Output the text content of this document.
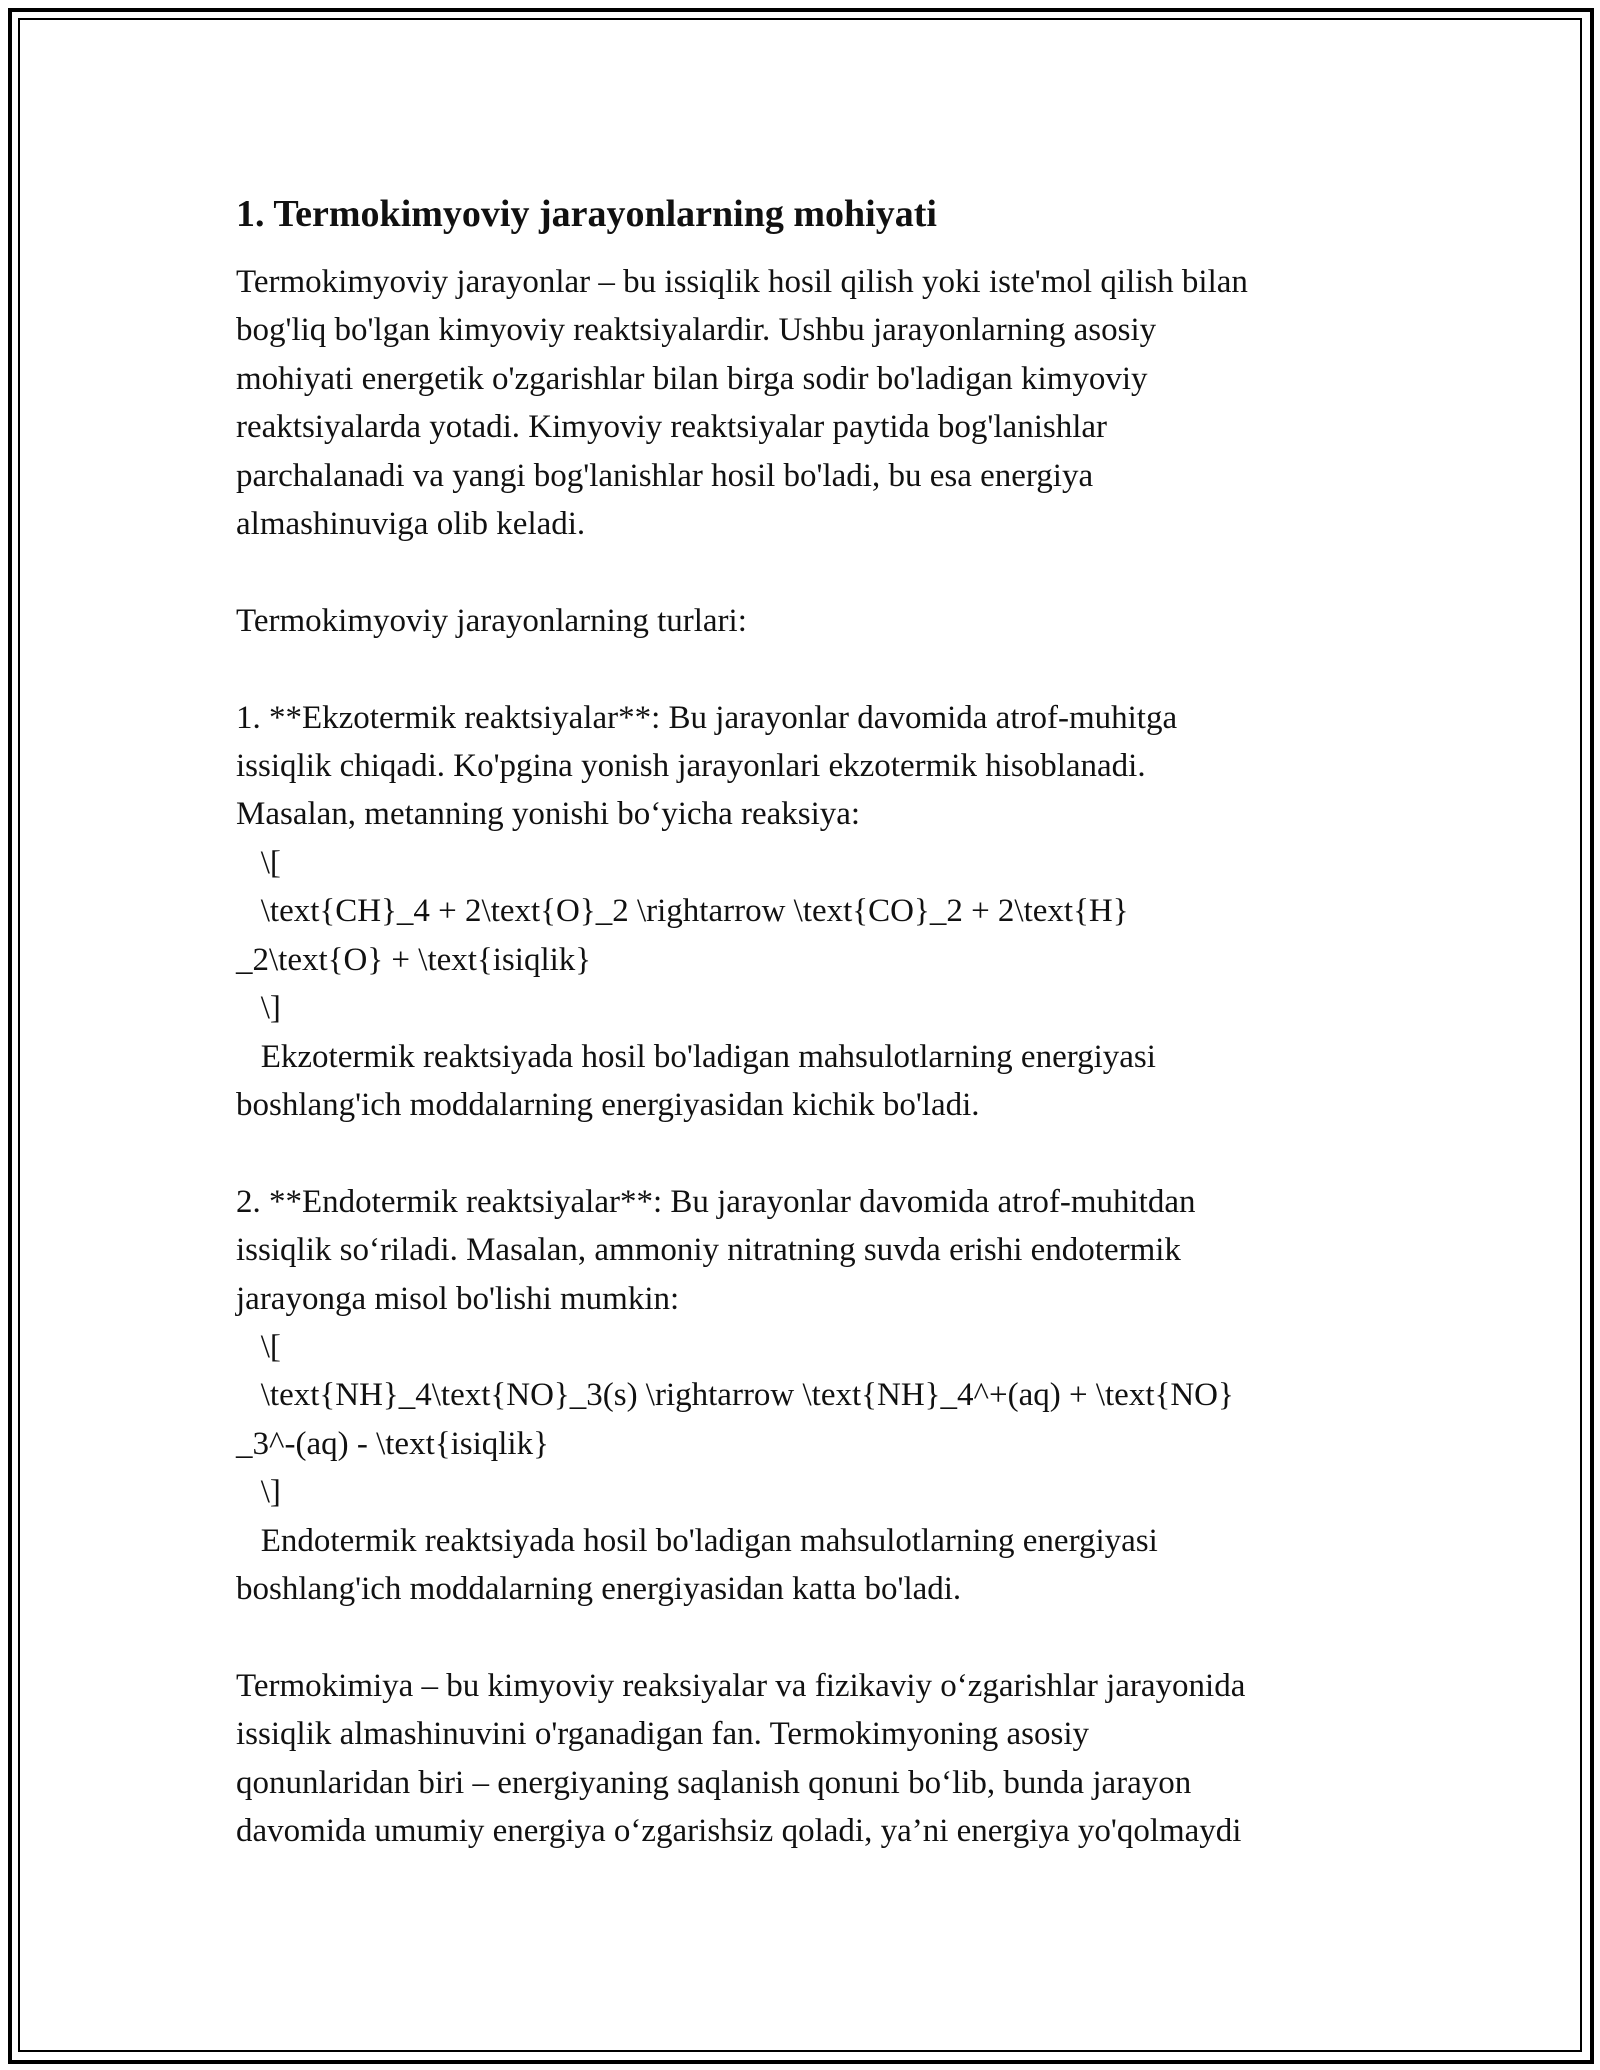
1. Termokimyoviy jarayonlarning mohiyati

Termokimyoviy jarayonlar – bu issiqlik hosil qilish yoki iste'mol qilish bilan
bog'liq bo'lgan kimyoviy reaktsiyalardir. Ushbu jarayonlarning asosiy
mohiyati energetik o'zgarishlar bilan birga sodir bo'ladigan kimyoviy
reaktsiyalarda yotadi. Kimyoviy reaktsiyalar paytida bog'lanishlar
parchalanadi va yangi bog'lanishlar hosil bo'ladi, bu esa energiya
almashinuviga olib keladi.

Termokimyoviy jarayonlarning turlari:

1. **Ekzotermik reaktsiyalar**: Bu jarayonlar davomida atrof-muhitga
issiqlik chiqadi. Ko'pgina yonish jarayonlari ekzotermik hisoblanadi.
Masalan, metanning yonishi bo‘yicha reaksiya:
\[
\text{CH}_4 + 2\text{O}_2 \rightarrow \text{CO}_2 + 2\text{H}
_2\text{O} + \text{isiqlik}
\]
Ekzotermik reaktsiyada hosil bo'ladigan mahsulotlarning energiyasi
boshlang'ich moddalarning energiyasidan kichik bo'ladi.

2. **Endotermik reaktsiyalar**: Bu jarayonlar davomida atrof-muhitdan
issiqlik so‘riladi. Masalan, ammoniy nitratning suvda erishi endotermik
jarayonga misol bo'lishi mumkin:
\[
\text{NH}_4\text{NO}_3(s) \rightarrow \text{NH}_4^+(aq) + \text{NO}
_3^-(aq) - \text{isiqlik}
\]
Endotermik reaktsiyada hosil bo'ladigan mahsulotlarning energiyasi
boshlang'ich moddalarning energiyasidan katta bo'ladi.

Termokimiya – bu kimyoviy reaksiyalar va fizikaviy o‘zgarishlar jarayonida
issiqlik almashinuvini o'rganadigan fan. Termokimyoning asosiy
qonunlaridan biri – energiyaning saqlanish qonuni bo‘lib, bunda jarayon
davomida umumiy energiya o‘zgarishsiz qoladi, ya’ni energiya yo'qolmaydi
